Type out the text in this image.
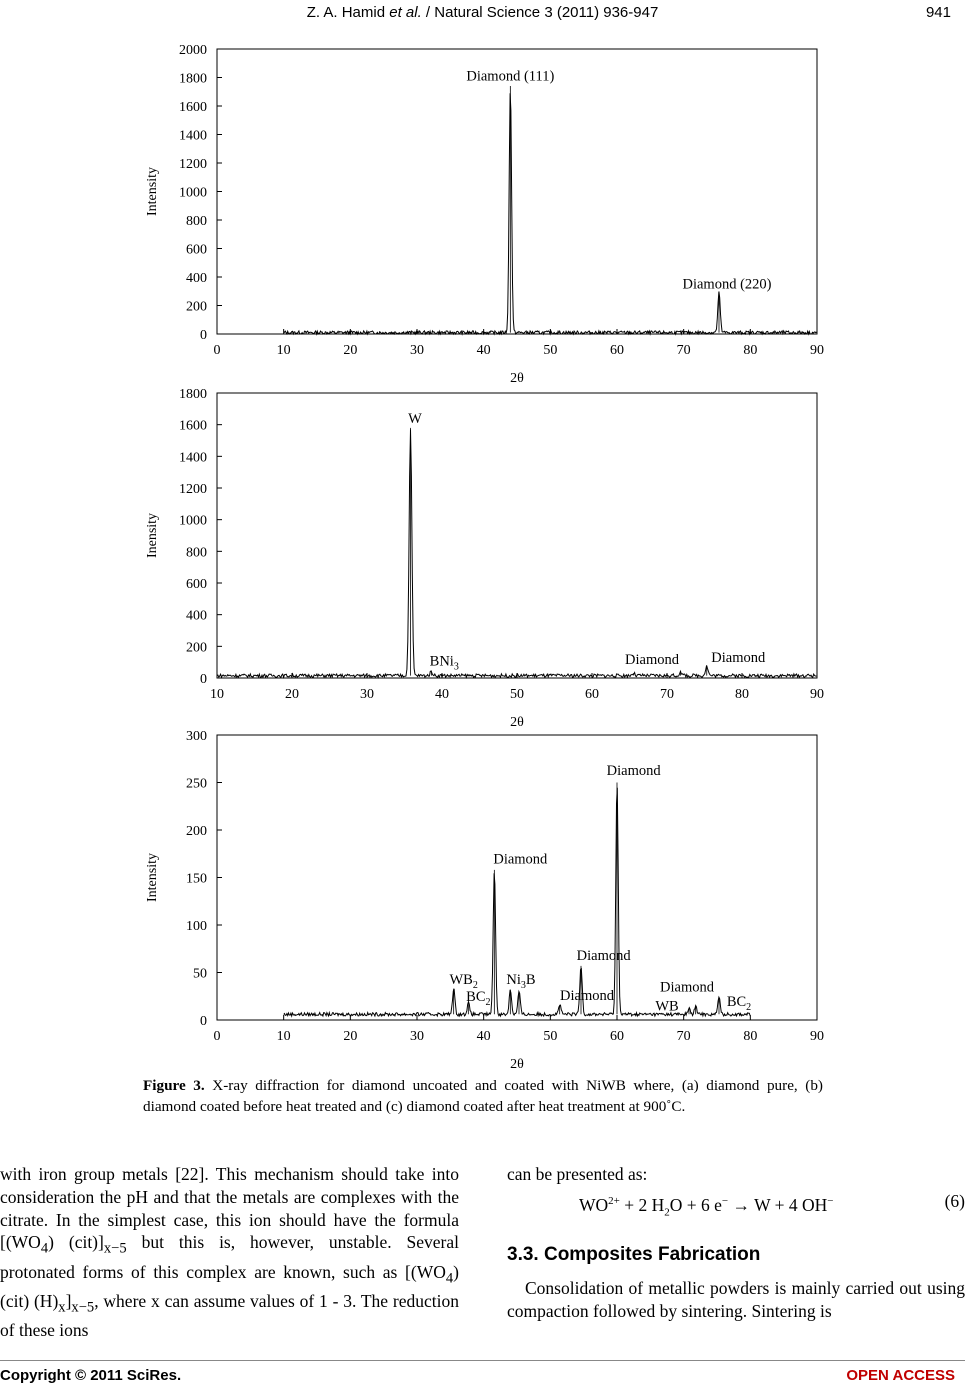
Z. A. Hamid et al. / Natural Science 3 (2011) 936-947	941
0
200
400
600
800
1000
1200
1400
1600
1800
2000
0	10	20	30	40	50	60	70	80	90
2θ
Intensity
Diamond (111)
Diamond (220)
0
200
400
600
800
1000
1200
1400
1600
1800
10	20	30	40	50	60	70	80	90
2θ
Inensity
W
BNi$_3$	Diamond Diamond
0
50
100
150
200
250
300
0	10	20	30	40	50	60	70	80	90
2θ
Intensity
Diamond
Diamond
Diamond
Diamond
Diamond
$WB_2$
$BC_2$
$Ni_3B$
WB	$BC_2$
Figure 3. X-ray diffraction for diamond uncoated and coated with NiWB where, (a) diamond pure, (b) diamond coated before heat treated and (c) diamond coated after heat treatment at 900˚C.
with iron group metals [22]. This mechanism should take into consideration the pH and that the metals are complexes with the citrate. In the simplest case, this ion should have the formula [$(WO_4)$ $(cit)]_{x-5}$ but this is, however, unstable. Several protonated forms of this complex are known, such as [$(WO_4)$ (cit) $(H)_x]_{x-5}$, where x can assume values of 1 - 3. The reduction of these ions
can be presented as:
$WO^{2+} + 2$ $H_2O + 6$ e− → W + 4 OH−	(6)
3.3. Composites Fabrication
Consolidation of metallic powders is mainly carried out using compaction followed by sintering. Sintering is
Copyright © 2011 SciRes.	OPEN ACCESS
